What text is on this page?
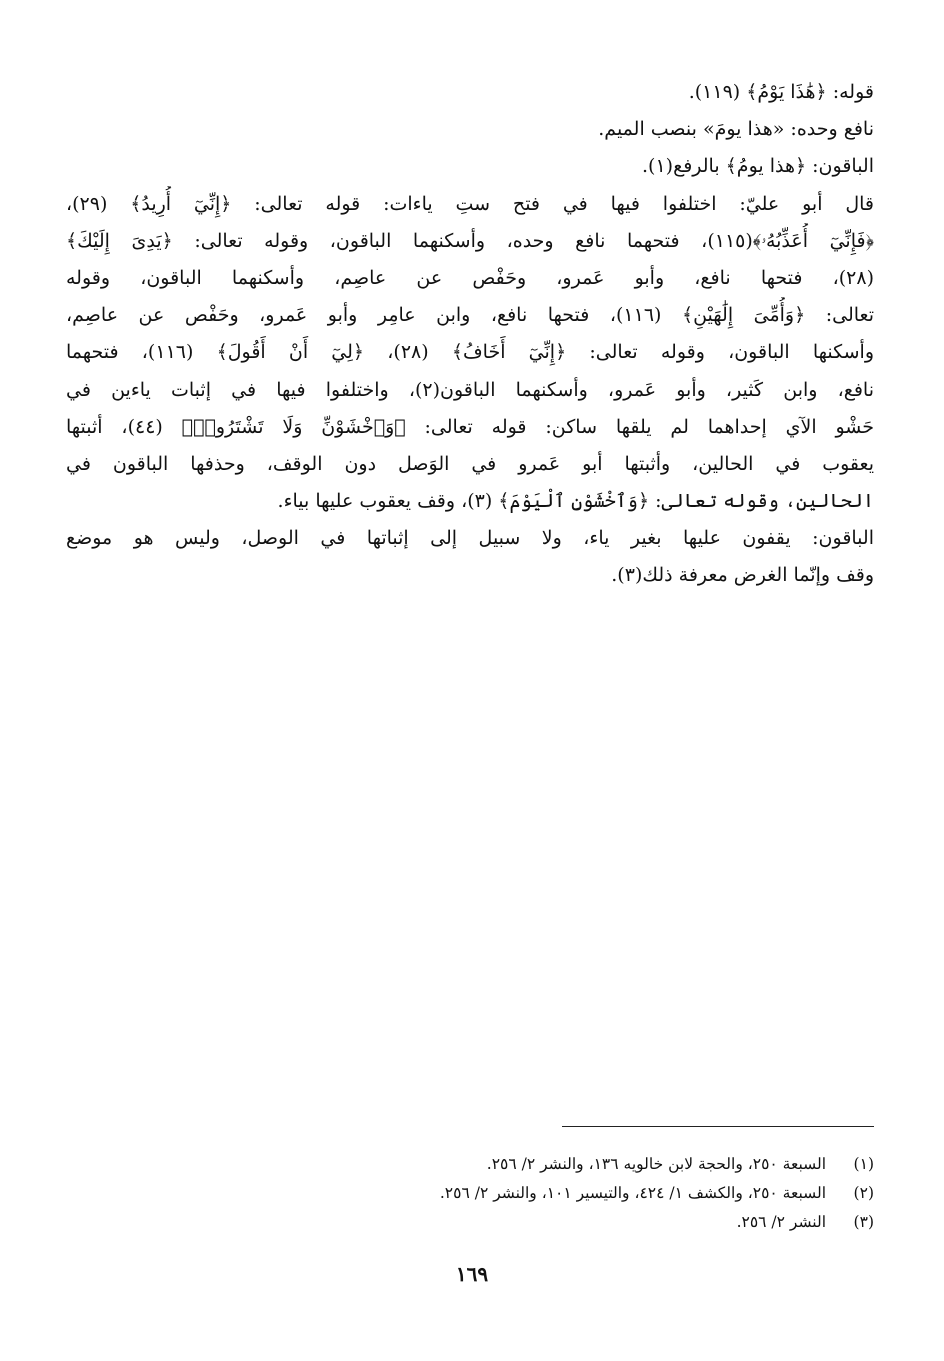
قوله: ﴿هَٰذَا يَوْمُ﴾ (١١٩).
نافع وحده: «هذا يومَ» بنصب الميم.
الباقون: ﴿هذا يومُ﴾ بالرفع(١).
قال أبو عليّ: اختلفوا فيها في فتح ستِ ياءات: قوله تعالى: ﴿إِنِّيٓ أُرِيدُ﴾ (٢٩)،
﴿فَإِنِّيٓ أُعَذِّبُهُۥ﴾(١١٥)، فتحهما نافع وحده، وأسكنهما الباقون، وقوله تعالى: ﴿يَدِىَ إِلَيْكَ﴾
(٢٨)، فتحها نافع، وأبو عَمرو، وحَفْص عن عاصِم، وأسكنهما الباقون، وقوله
تعالى: ﴿وَأُمِّىَ إِلَٰهَيْنِ﴾ (١١٦)، فتحها نافع، وابن عامِر وأبو عَمرو، وحَفْص عن عاصِم،
وأسكنها الباقون، وقوله تعالى: ﴿إِنِّيٓ أَخَافُ﴾ (٢٨)، ﴿لِيٓ أَنْ أَقُولَ﴾ (١١٦)، فتحهما
نافع، وابن كَثير، وأبو عَمرو، وأسكنهما الباقون(٢)، واختلفوا فيها في إثبات ياءين في
حَشْو الآي إحداهما لم يلقها ساكن: قوله تعالى: ﴿وَٱخْشَوْنِّ وَلَا تَشْتَرُوا۟﴾ (٤٤)، أثبتها
يعقوب في الحالين، وأثبتها أبو عَمرو في الوَصل دون الوقف، وحذفها الباقون في
الحالين، وقوله تعالى: ﴿وَٱخْشَوْنِ ٱلْيَوْمَ﴾ (٣)، وقف يعقوب عليها بياء.
الباقون: يقفون عليها بغير ياء، ولا سبيل إلى إثباتها في الوصل، وليس هو موضع
وقف وإنّما الغرض معرفة ذلك(٣).
(١)
السبعة ٢٥٠، والحجة لابن خالويه ١٣٦، والنشر ٢/ ٢٥٦.
(٢)
السبعة ٢٥٠، والكشف ١/ ٤٢٤، والتيسير ١٠١، والنشر ٢/ ٢٥٦.
(٣)
النشر ٢/ ٢٥٦.
١٦٩
